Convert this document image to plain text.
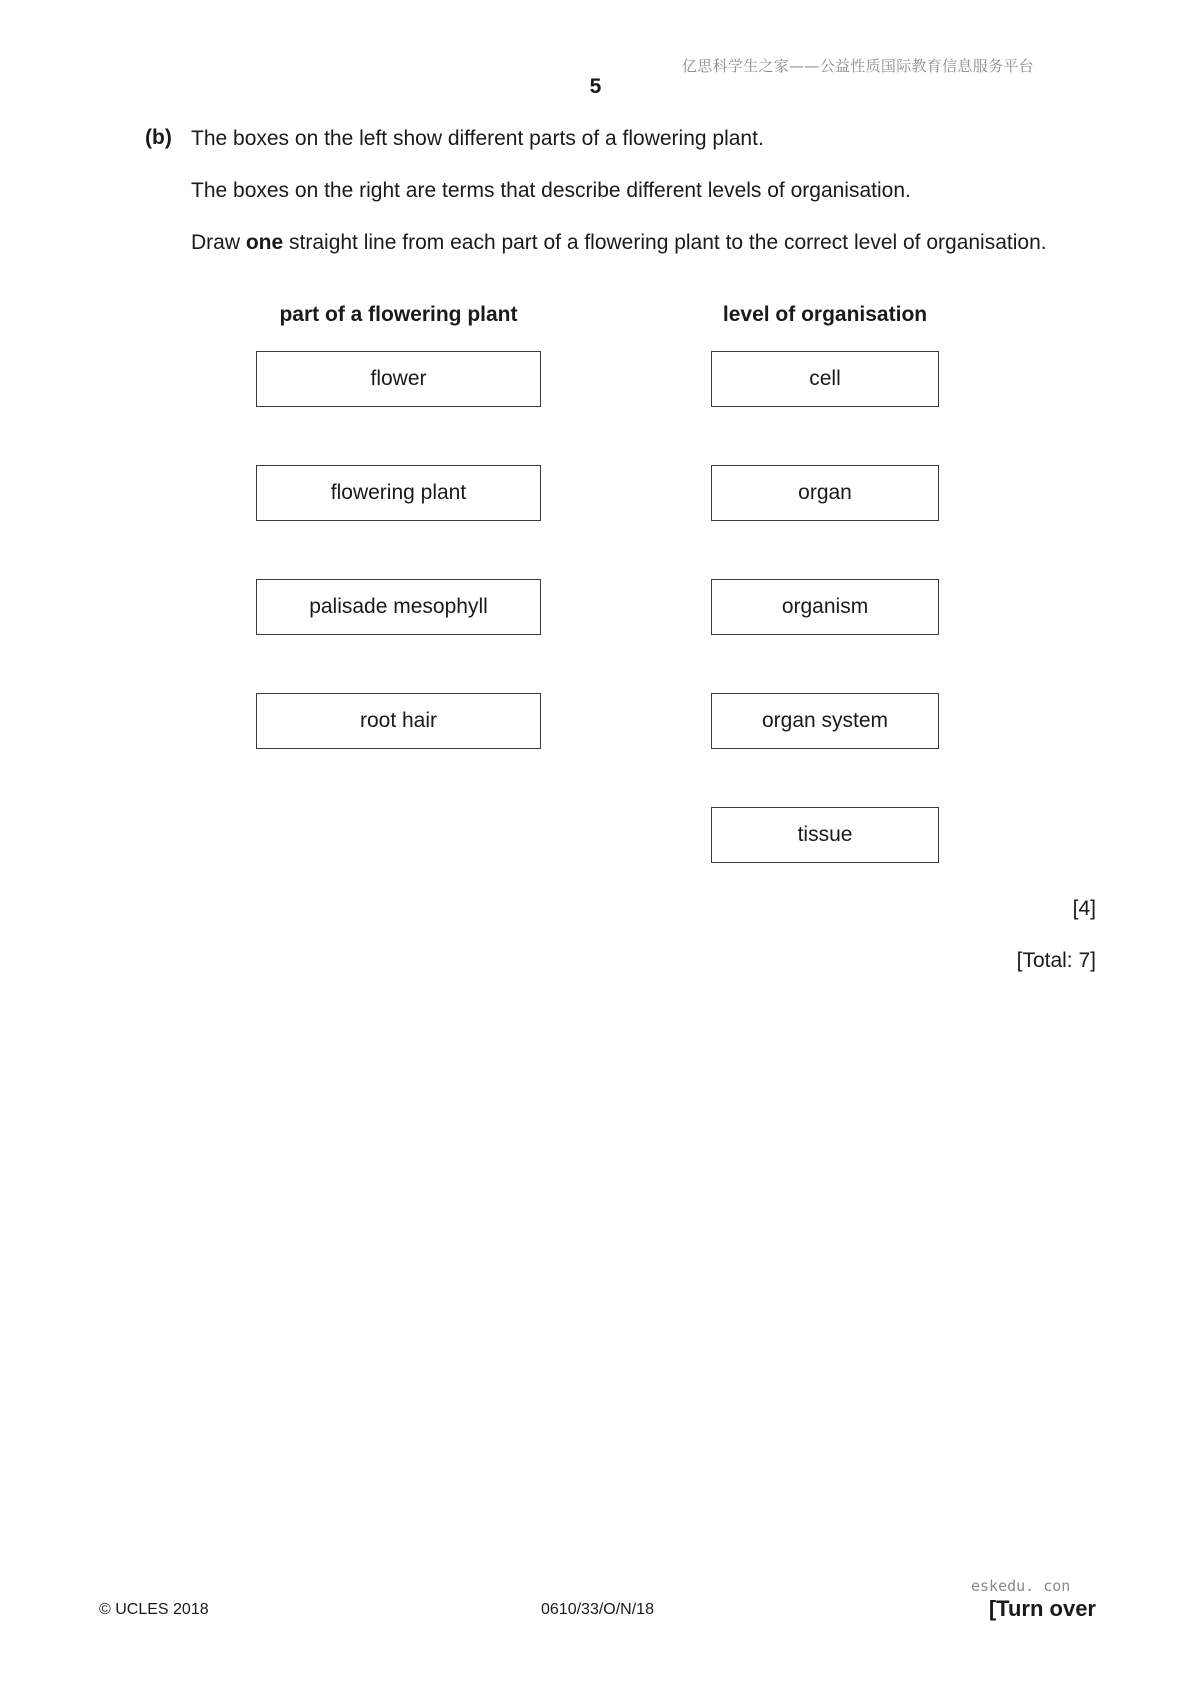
亿思科学生之家——公益性质国际教育信息服务平台
5
(b) The boxes on the left show different parts of a flowering plant.
The boxes on the right are terms that describe different levels of organisation.
Draw one straight line from each part of a flowering plant to the correct level of organisation.
part of a flowering plant	level of organisation
flower
flowering plant
palisade mesophyll
root hair
cell
organ
organism
organ system
tissue
[4]
[Total: 7]
eskedu. con
© UCLES 2018	0610/33/O/N/18	[Turn over
